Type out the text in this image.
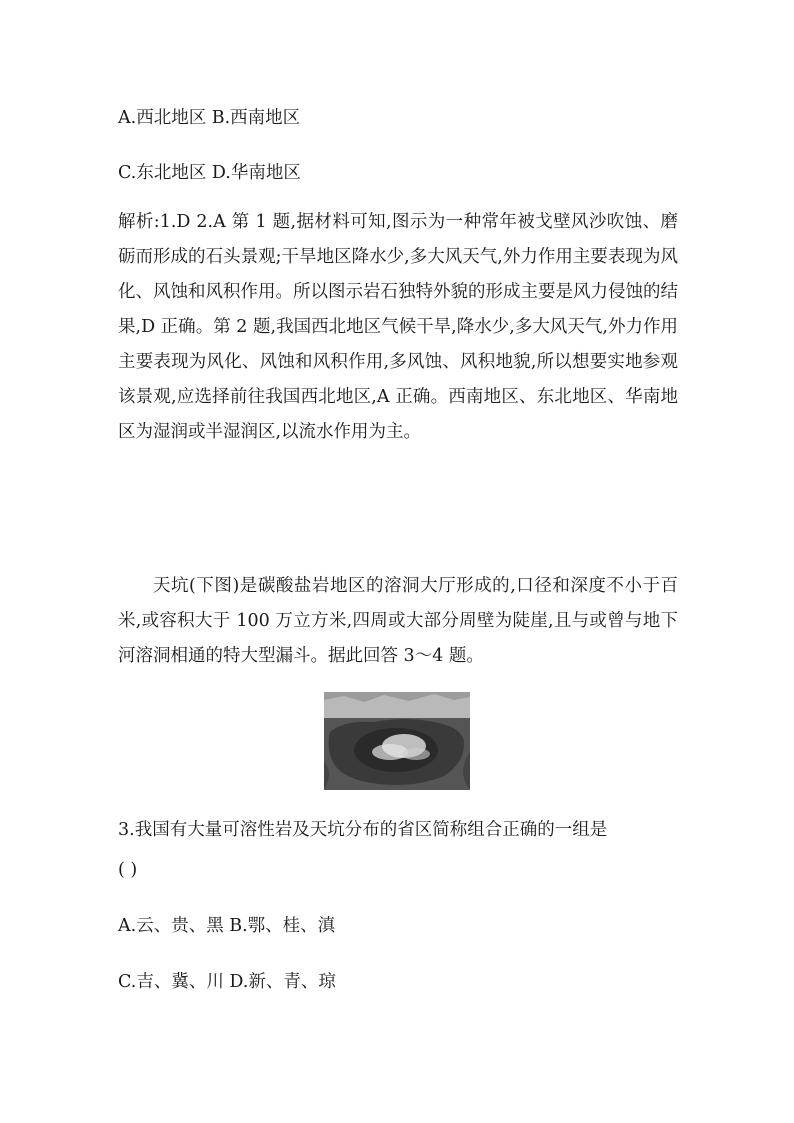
A.西北地区 B.西南地区
C.东北地区 D.华南地区
解析:1.D 2.A 第 1 题,据材料可知,图示为一种常年被戈壁风沙吹蚀、磨砺而形成的石头景观;干旱地区降水少,多大风天气,外力作用主要表现为风化、风蚀和风积作用。所以图示岩石独特外貌的形成主要是风力侵蚀的结果,D 正确。第 2 题,我国西北地区气候干旱,降水少,多大风天气,外力作用主要表现为风化、风蚀和风积作用,多风蚀、风积地貌,所以想要实地参观该景观,应选择前往我国西北地区,A 正确。西南地区、东北地区、华南地区为湿润或半湿润区,以流水作用为主。
天坑(下图)是碳酸盐岩地区的溶洞大厅形成的,口径和深度不小于百米,或容积大于 100 万立方米,四周或大部分周壁为陡崖,且与或曾与地下河溶洞相通的特大型漏斗。据此回答 3～4 题。
3.我国有大量可溶性岩及天坑分布的省区简称组合正确的一组是
( )
A.云、贵、黑 B.鄂、桂、滇
C.吉、冀、川 D.新、青、琼
